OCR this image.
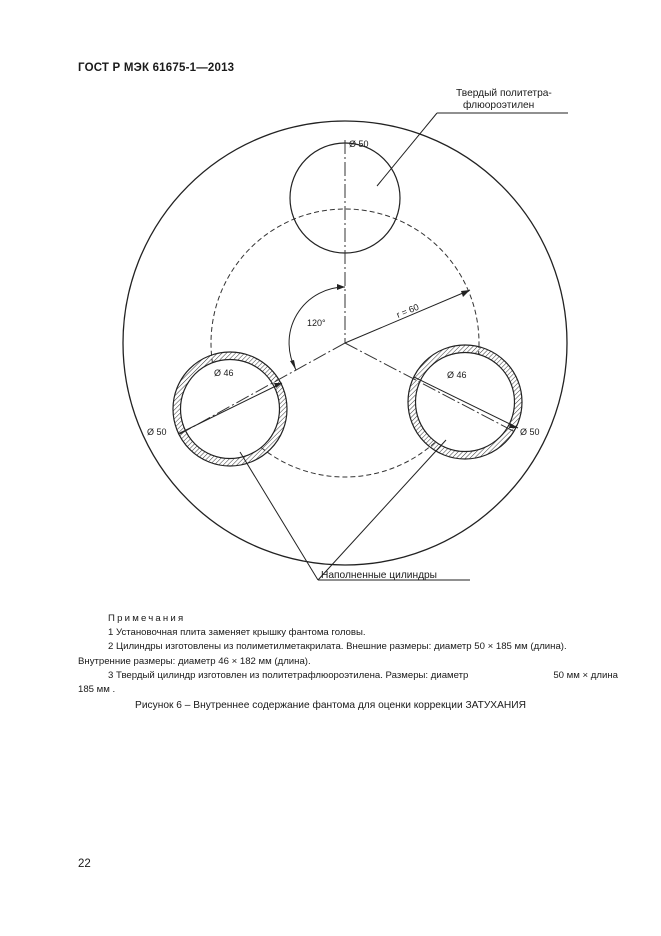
ГОСТ Р МЭК 61675-1—2013
Твердый политетра-
флюороэтилен
Ø 50
r = 60
120°
Ø 46
Ø 50
Ø 46
Ø 50
Наполненные цилиндры
Примечания
1 Установочная плита заменяет крышку фантома головы.
2 Цилиндры изготовлены из полиметилметакрилата. Внешние размеры: диаметр 50 × 185 мм (длина).
Внутренние размеры: диаметр 46 × 182 мм (длина).
3 Твердый цилиндр изготовлен из политетрафлюороэтилена. Размеры: диаметр	50 мм × длина
185 мм .
Рисунок 6 – Внутреннее содержание фантома для оценки коррекции ЗАТУХАНИЯ
22
